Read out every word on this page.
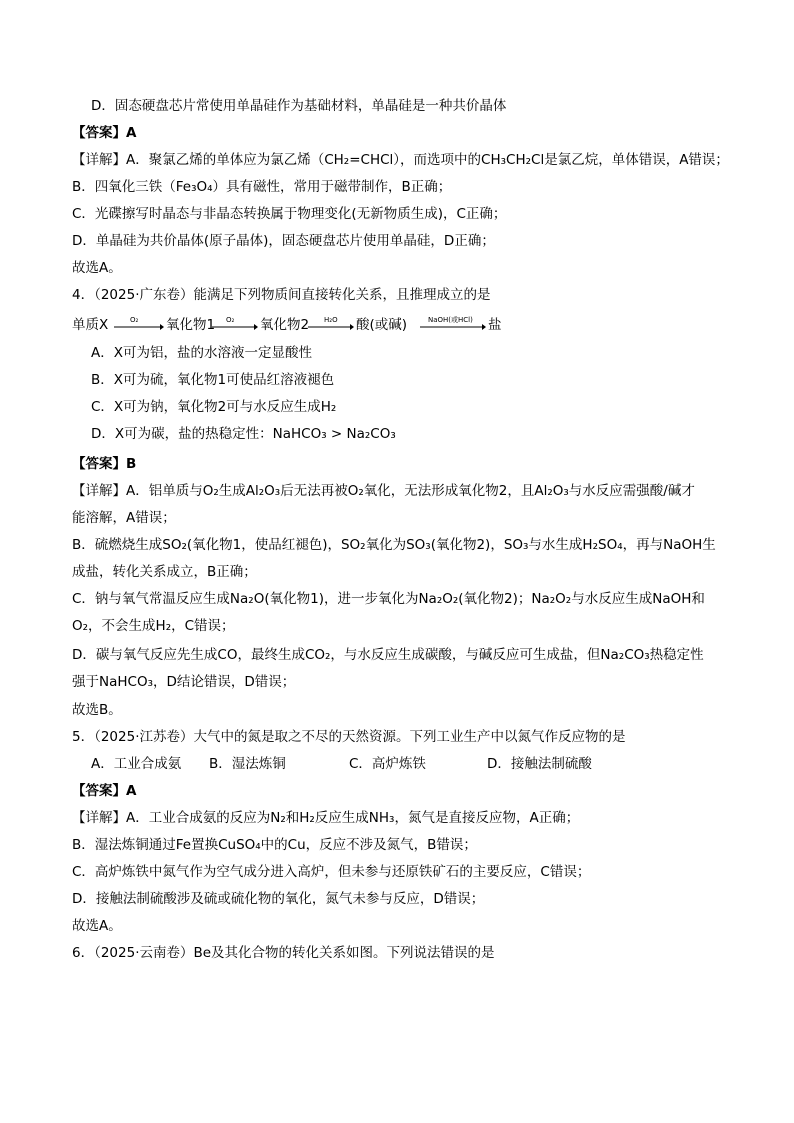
D．固态硬盘芯片常使用单晶硅作为基础材料，单晶硅是一种共价晶体
【答案】A
【详解】A．聚氯乙烯的单体应为氯乙烯（CH₂=CHCl），而选项中的CH₃CH₂Cl是氯乙烷，单体错误，A错误；
B．四氧化三铁（Fe₃O₄）具有磁性，常用于磁带制作，B正确；
C．光碟擦写时晶态与非晶态转换属于物理变化(无新物质生成)，C正确；
D．单晶硅为共价晶体(原子晶体)，固态硬盘芯片使用单晶硅，D正确；
故选A。
4．（2025·广东卷）能满足下列物质间直接转化关系，且推理成立的是
单质X	O₂ → 氧化物1 O₂ → 氧化物2 H₂O → 酸(或碱)	NaOH(或HCl) 盐
A．X可为铝，盐的水溶液一定显酸性
B．X可为硫，氧化物1可使品红溶液褪色
C．X可为钠，氧化物2可与水反应生成H₂
D．X可为碳，盐的热稳定性：NaHCO₃ > Na₂CO₃
【答案】B
【详解】A．铝单质与O₂生成Al₂O₃后无法再被O₂氧化，无法形成氧化物2，且Al₂O₃与水反应需强酸/碱才
能溶解，A错误；
B．硫燃烧生成SO₂(氧化物1，使品红褪色)，SO₂氧化为SO₃(氧化物2)，SO₃与水生成H₂SO₄，再与NaOH生
成盐，转化关系成立，B正确；
C．钠与氧气常温反应生成Na₂O(氧化物1)，进一步氧化为Na₂O₂(氧化物2)；Na₂O₂与水反应生成NaOH和
O₂，不会生成H₂，C错误；
D．碳与氧气反应先生成CO，最终生成CO₂，与水反应生成碳酸，与碱反应可生成盐，但Na₂CO₃热稳定性
强于NaHCO₃，D结论错误，D错误；
故选B。
5．（2025·江苏卷）大气中的氮是取之不尽的天然资源。下列工业生产中以氮气作反应物的是
A．工业合成氨 B．湿法炼铜	C．高炉炼铁	D．接触法制硫酸
【答案】A
【详解】A．工业合成氨的反应为N₂和H₂反应生成NH₃，氮气是直接反应物，A正确；
B．湿法炼铜通过Fe置换CuSO₄中的Cu，反应不涉及氮气，B错误；
C．高炉炼铁中氮气作为空气成分进入高炉，但未参与还原铁矿石的主要反应，C错误；
D．接触法制硫酸涉及硫或硫化物的氧化，氮气未参与反应，D错误；
故选A。
6．（2025·云南卷）Be及其化合物的转化关系如图。下列说法错误的是
